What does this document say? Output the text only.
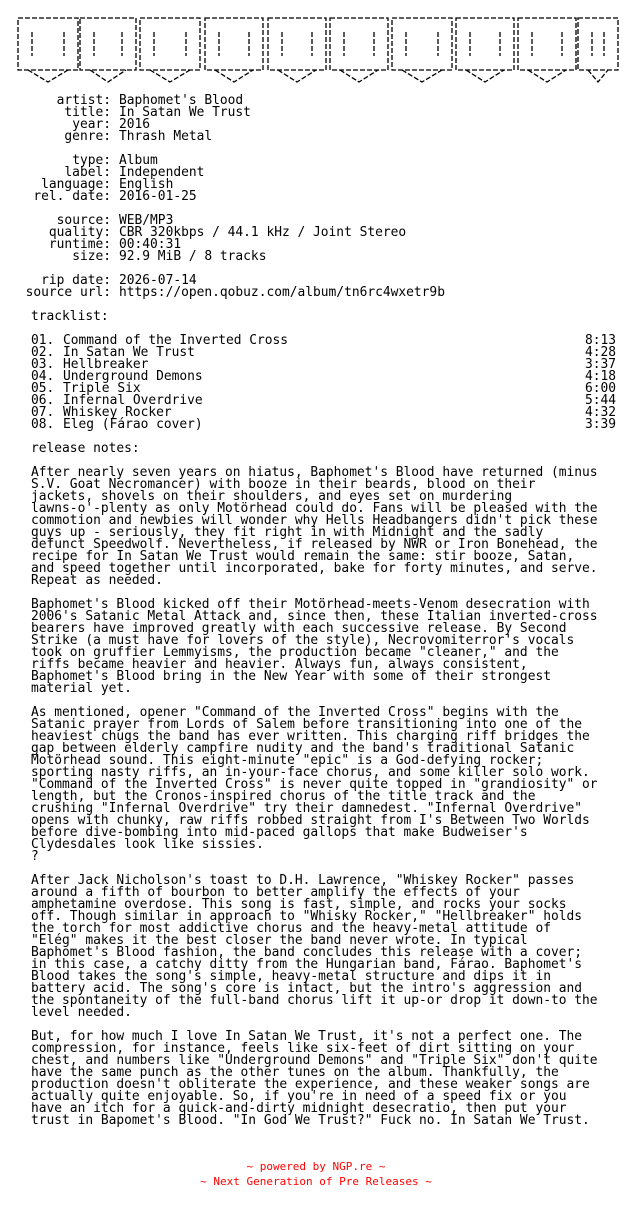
artist: Baphomet's Blood
title: In Satan We Trust
year: 2016
genre: Thrash Metal
type: Album
label: Independent
language: English
rel. date: 2016-01-25
source: WEB/MP3
quality: CBR 320kbps / 44.1 kHz / Joint Stereo
runtime: 00:40:31
size: 92.9 MiB / 8 tracks
rip date: 2026-07-14
source url: https://open.qobuz.com/album/tn6rc4wxetr9b
tracklist:
01. Command of the Inverted Cross	8:13
02. In Satan We Trust	4:28
03. Hellbreaker	3:37
04. Underground Demons	4:18
05. Triple Six	6:00
06. Infernal Overdrive	5:44
07. Whiskey Rocker	4:32
08. Eleg (Fárao cover)	3:39
release notes:
After nearly seven years on hiatus, Baphomet's Blood have returned (minus
S.V. Goat Necromancer) with booze in their beards, blood on their
jackets, shovels on their shoulders, and eyes set on murdering
lawns-o'-plenty as only Motörhead could do. Fans will be pleased with the
commotion and newbies will wonder why Hells Headbangers didn't pick these
guys up - seriously, they fit right in with Midnight and the sadly
defunct Speedwolf. Nevertheless, if released by NWR or Iron Bonehead, the
recipe for In Satan We Trust would remain the same: stir booze, Satan,
and speed together until incorporated, bake for forty minutes, and serve.
Repeat as needed.
Baphomet's Blood kicked off their Motörhead-meets-Venom desecration with
2006's Satanic Metal Attack and, since then, these Italian inverted-cross
bearers have improved greatly with each successive release. By Second
Strike (a must have for lovers of the style), Necrovomiterror's vocals
took on gruffier Lemmyisms, the production became "cleaner," and the
riffs became heavier and heavier. Always fun, always consistent,
Baphomet's Blood bring in the New Year with some of their strongest
material yet.
As mentioned, opener "Command of the Inverted Cross" begins with the
Satanic prayer from Lords of Salem before transitioning into one of the
heaviest chugs the band has ever written. This charging riff bridges the
gap between elderly campfire nudity and the band's traditional Satanic
Motörhead sound. This eight-minute "epic" is a God-defying rocker;
sporting nasty riffs, an in-your-face chorus, and some killer solo work.
"Command of the Inverted Cross" is never quite topped in "grandiosity" or
length, but the Cronos-inspired chorus of the title track and the
crushing "Infernal Overdrive" try their damnedest. "Infernal Overdrive"
opens with chunky, raw riffs robbed straight from I's Between Two Worlds
before dive-bombing into mid-paced gallops that make Budweiser's
Clydesdales look like sissies.
?
After Jack Nicholson's toast to D.H. Lawrence, "Whiskey Rocker" passes
around a fifth of bourbon to better amplify the effects of your
amphetamine overdose. This song is fast, simple, and rocks your socks
off. Though similar in approach to "Whisky Rocker," "Hellbreaker" holds
the torch for most addictive chorus and the heavy-metal attitude of
"Elég" makes it the best closer the band never wrote. In typical
Baphomet's Blood fashion, the band concludes this release with a cover;
in this case, a catchy ditty from the Hungarian band, Fárao. Baphomet's
Blood takes the song's simple, heavy-metal structure and dips it in
battery acid. The song's core is intact, but the intro's aggression and
the spontaneity of the full-band chorus lift it up-or drop it down-to the
level needed.
But, for how much I love In Satan We Trust, it's not a perfect one. The
compression, for instance, feels like six-feet of dirt sitting on your
chest, and numbers like "Underground Demons" and "Triple Six" don't quite
have the same punch as the other tunes on the album. Thankfully, the
production doesn't obliterate the experience, and these weaker songs are
actually quite enjoyable. So, if you're in need of a speed fix or you
have an itch for a quick-and-dirty midnight desecratio, then put your
trust in Bapomet's Blood. "In God We Trust?" Fuck no. In Satan We Trust.
~ powered by NGP.re ~
~ Next Generation of Pre Releases ~
